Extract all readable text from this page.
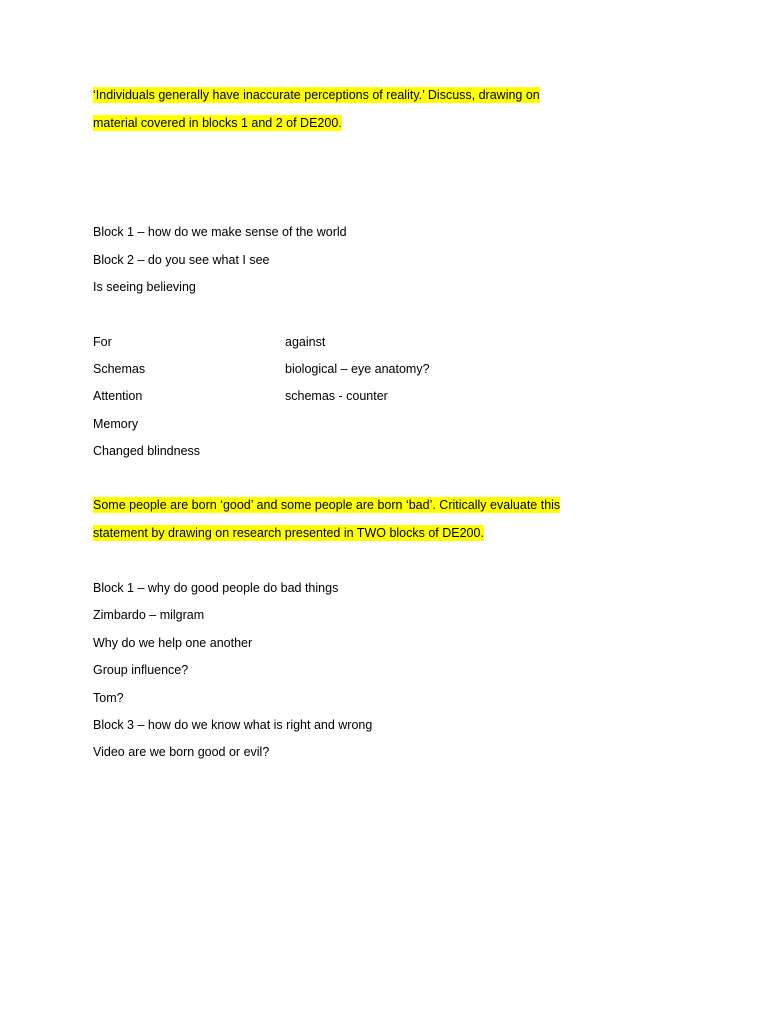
‘Individuals generally have inaccurate perceptions of reality.’ Discuss, drawing on
material covered in blocks 1 and 2 of DE200.
Block 1 – how do we make sense of the world
Block 2 – do you see what I see
Is seeing believing
For	against
Schemas	biological – eye anatomy?
Attention	schemas - counter
Memory
Changed blindness
Some people are born ‘good’ and some people are born ‘bad’. Critically evaluate this
statement by drawing on research presented in TWO blocks of DE200.
Block 1 – why do good people do bad things
Zimbardo – milgram
Why do we help one another
Group influence?
Tom?
Block 3 – how do we know what is right and wrong
Video are we born good or evil?
